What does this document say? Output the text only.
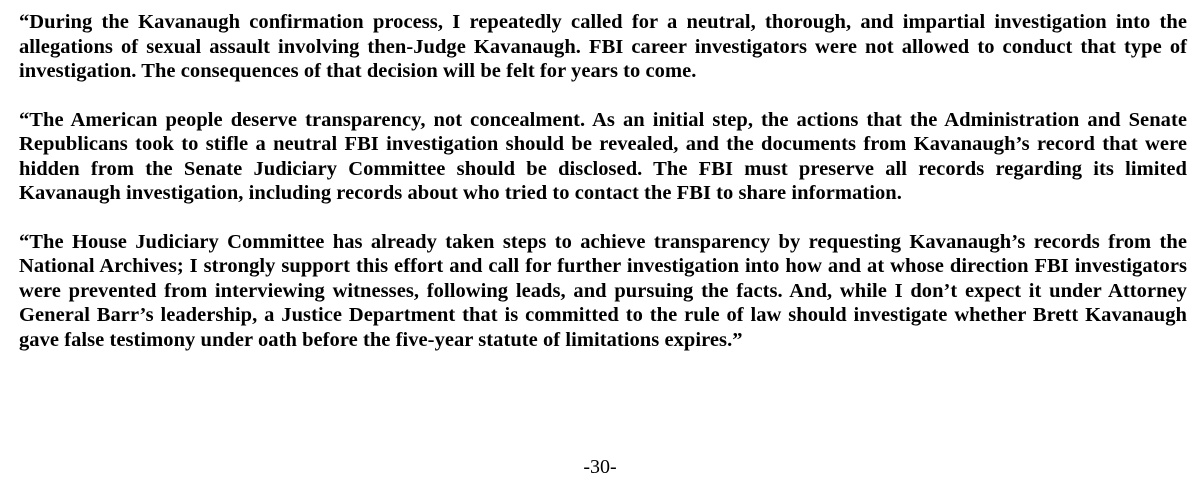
“During the Kavanaugh confirmation process, I repeatedly called for a neutral, thorough, and impartial investigation into the allegations of sexual assault involving then-Judge Kavanaugh. FBI career investigators were not allowed to conduct that type of investigation. The consequences of that decision will be felt for years to come.

“The American people deserve transparency, not concealment. As an initial step, the actions that the Administration and Senate Republicans took to stifle a neutral FBI investigation should be revealed, and the documents from Kavanaugh’s record that were hidden from the Senate Judiciary Committee should be disclosed. The FBI must preserve all records regarding its limited Kavanaugh investigation, including records about who tried to contact the FBI to share information.

“The House Judiciary Committee has already taken steps to achieve transparency by requesting Kavanaugh’s records from the National Archives; I strongly support this effort and call for further investigation into how and at whose direction FBI investigators were prevented from interviewing witnesses, following leads, and pursuing the facts. And, while I don’t expect it under Attorney General Barr’s leadership, a Justice Department that is committed to the rule of law should investigate whether Brett Kavanaugh gave false testimony under oath before the five-year statute of limitations expires.”

-30-
